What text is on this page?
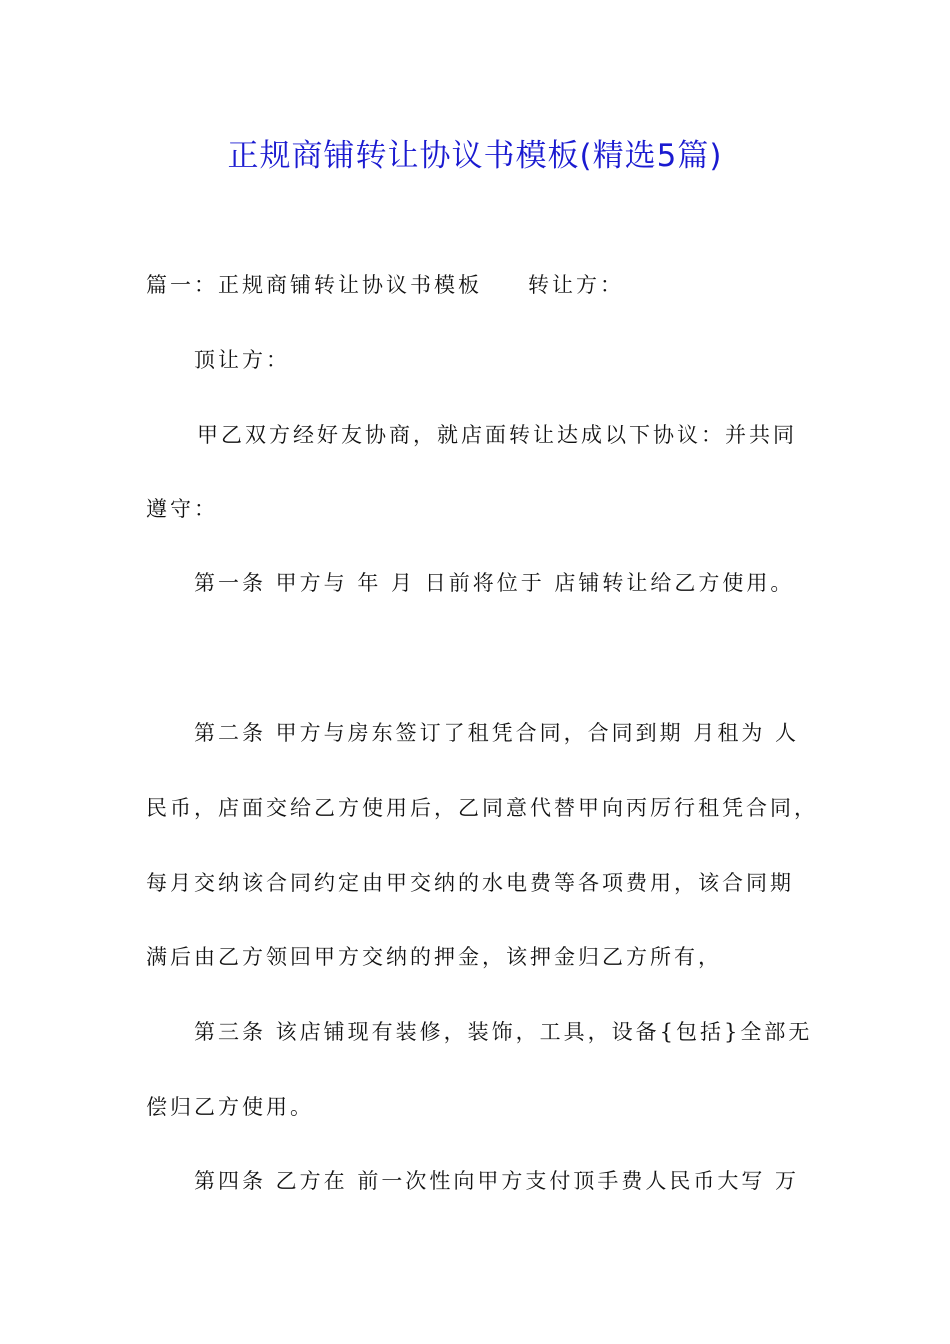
正规商铺转让协议书模板(精选5篇)
篇一：正规商铺转让协议书模板 转让方：
顶让方：
甲乙双方经好友协商，就店面转让达成以下协议：并共同
遵守：
第一条 甲方与 年 月 日前将位于 店铺转让给乙方使用。
第二条 甲方与房东签订了租凭合同，合同到期 月租为 人
民币，店面交给乙方使用后，乙同意代替甲向丙厉行租凭合同，
每月交纳该合同约定由甲交纳的水电费等各项费用，该合同期
满后由乙方领回甲方交纳的押金，该押金归乙方所有，
第三条 该店铺现有装修，装饰，工具，设备{包括}全部无
偿归乙方使用。
第四条 乙方在 前一次性向甲方支付顶手费人民币大写 万
